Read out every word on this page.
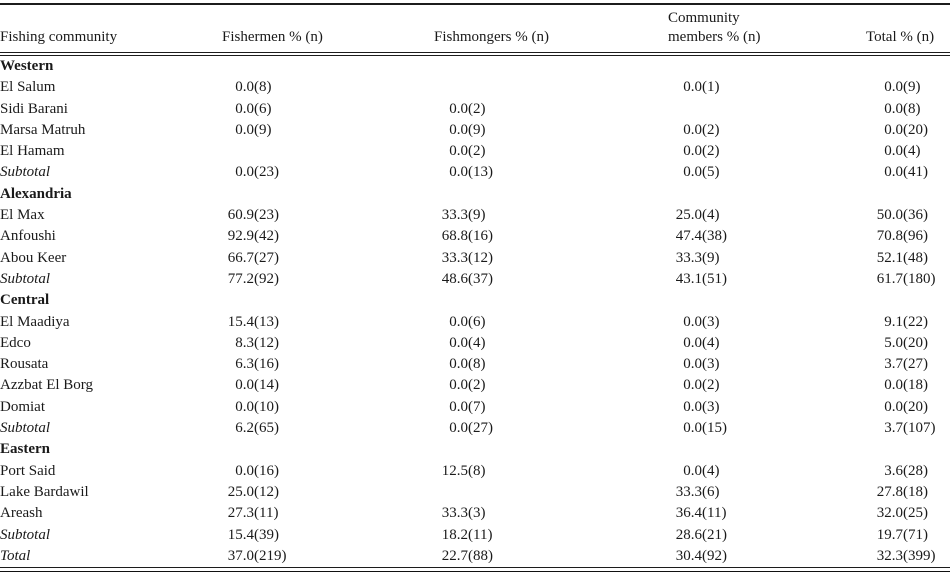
Fishing community	Fishermen % (n)		Fishmongers % (n)		Community
members % (n)		Total % (n)	
Western								
El Salum	0.0	(8)			0.0	(1)	0.0	(9)
Sidi Barani	0.0	(6)	0.0	(2)			0.0	(8)
Marsa Matruh	0.0	(9)	0.0	(9)	0.0	(2)	0.0	(20)
El Hamam			0.0	(2)	0.0	(2)	0.0	(4)
Subtotal	0.0	(23)	0.0	(13)	0.0	(5)	0.0	(41)
Alexandria								
El Max	60.9	(23)	33.3	(9)	25.0	(4)	50.0	(36)
Anfoushi	92.9	(42)	68.8	(16)	47.4	(38)	70.8	(96)
Abou Keer	66.7	(27)	33.3	(12)	33.3	(9)	52.1	(48)
Subtotal	77.2	(92)	48.6	(37)	43.1	(51)	61.7	(180)
Central								
El Maadiya	15.4	(13)	0.0	(6)	0.0	(3)	9.1	(22)
Edco	8.3	(12)	0.0	(4)	0.0	(4)	5.0	(20)
Rousata	6.3	(16)	0.0	(8)	0.0	(3)	3.7	(27)
Azzbat El Borg	0.0	(14)	0.0	(2)	0.0	(2)	0.0	(18)
Domiat	0.0	(10)	0.0	(7)	0.0	(3)	0.0	(20)
Subtotal	6.2	(65)	0.0	(27)	0.0	(15)	3.7	(107)
Eastern								
Port Said	0.0	(16)	12.5	(8)	0.0	(4)	3.6	(28)
Lake Bardawil	25.0	(12)			33.3	(6)	27.8	(18)
Areash	27.3	(11)	33.3	(3)	36.4	(11)	32.0	(25)
Subtotal	15.4	(39)	18.2	(11)	28.6	(21)	19.7	(71)
Total	37.0	(219)	22.7	(88)	30.4	(92)	32.3	(399)
